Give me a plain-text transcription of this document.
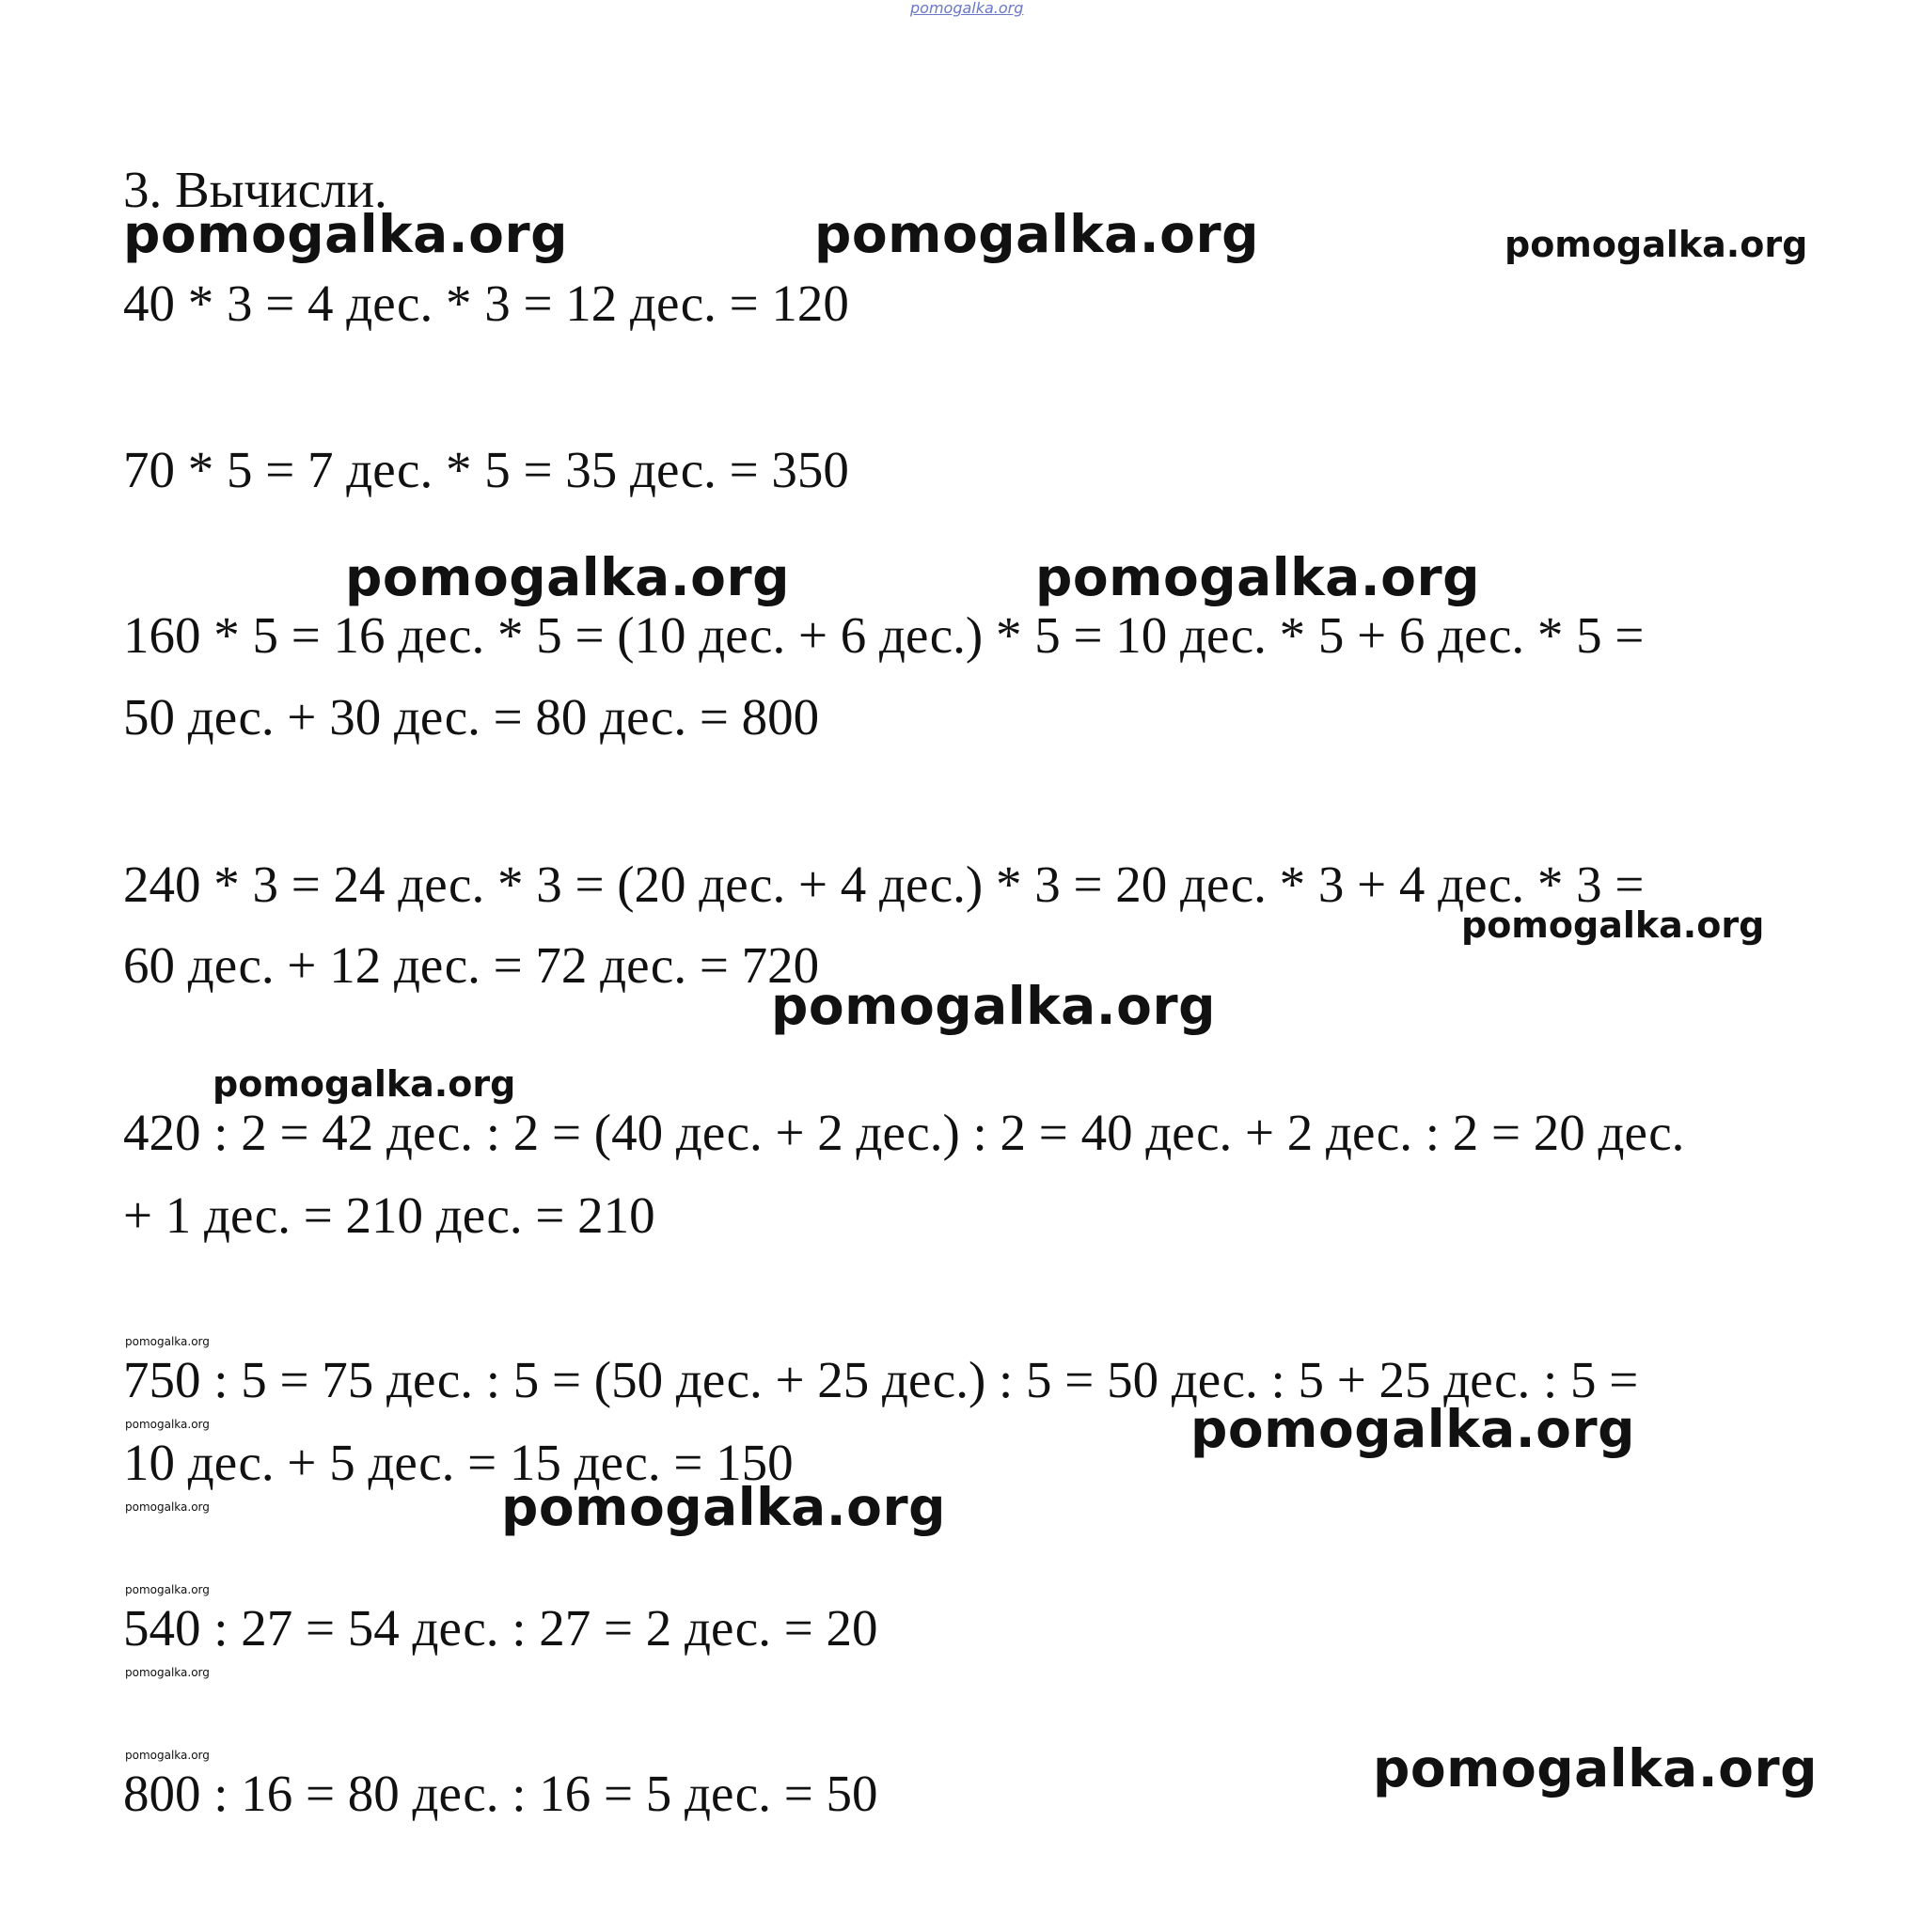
pomogalka.org
3. Вычисли.
pomogalka.org	pomogalka.org	pomogalka.org
40 * 3 = 4 дес. * 3 = 12 дес. = 120
70 * 5 = 7 дес. * 5 = 35 дес. = 350
pomogalka.org	pomogalka.org
160 * 5 = 16 дес. * 5 = (10 дес. + 6 дес.) * 5 = 10 дес. * 5 + 6 дес. * 5 =
50 дес. + 30 дес. = 80 дес. = 800
240 * 3 = 24 дес. * 3 = (20 дес. + 4 дес.) * 3 = 20 дес. * 3 + 4 дес. * 3 =
pomogalka.org
60 дес. + 12 дес. = 72 дес. = 720
pomogalka.org
pomogalka.org
420 : 2 = 42 дес. : 2 = (40 дес. + 2 дес.) : 2 = 40 дес. + 2 дес. : 2 = 20 дес.
+ 1 дес. = 210 дес. = 210
pomogalka.org
750 : 5 = 75 дес. : 5 = (50 дес. + 25 дес.) : 5 = 50 дес. : 5 + 25 дес. : 5 =
pomogalka.org	pomogalka.org
10 дес. + 5 дес. = 15 дес. = 150
pomogalka.org	pomogalka.org
pomogalka.org
540 : 27 = 54 дес. : 27 = 2 дес. = 20
pomogalka.org
pomogalka.org
800 : 16 = 80 дес. : 16 = 5 дес. = 50	pomogalka.org
